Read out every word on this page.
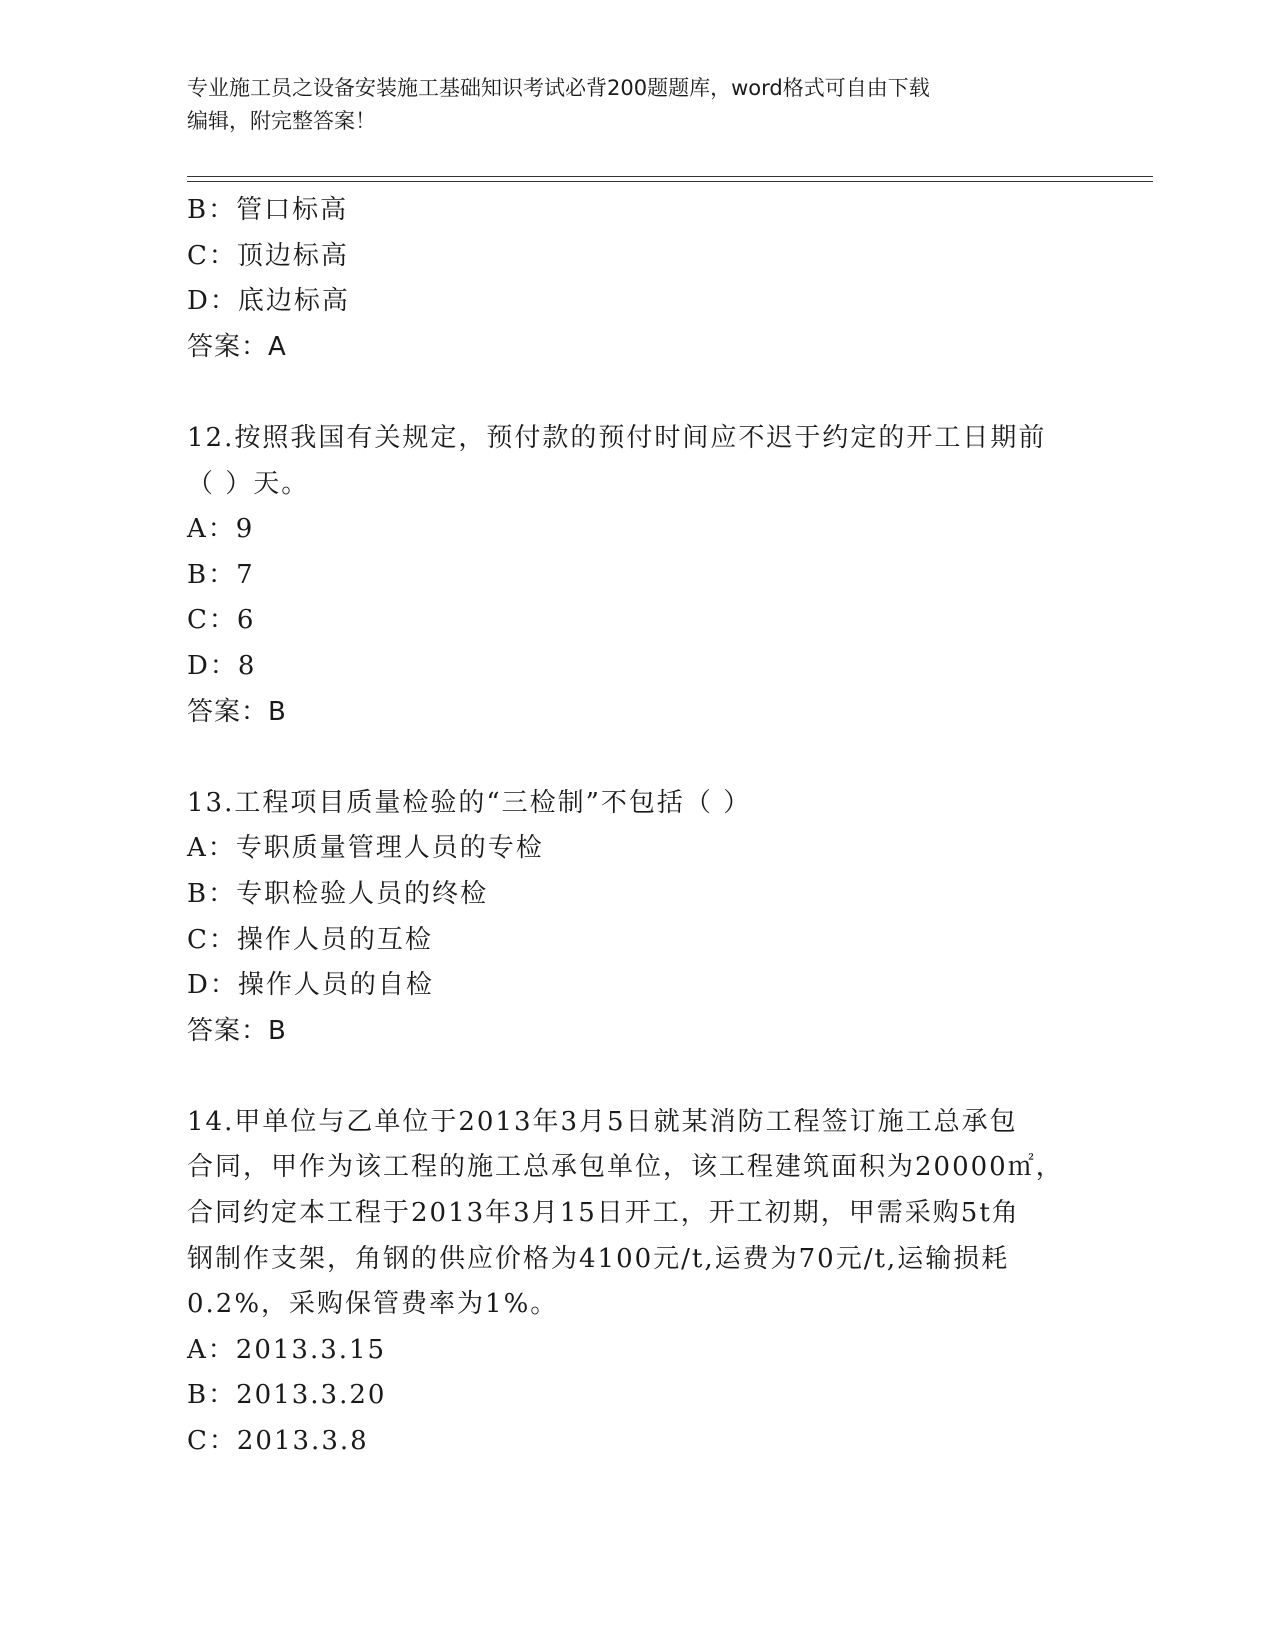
专业施工员之设备安装施工基础知识考试必背200题题库，word格式可自由下载
编辑，附完整答案！
B：管口标高
C：顶边标高
D：底边标高
答案：A
12.按照我国有关规定，预付款的预付时间应不迟于约定的开工日期前
（ ）天。
A：9
B：7
C：6
D：8
答案：B
13.工程项目质量检验的“三检制”不包括（ ）
A：专职质量管理人员的专检
B：专职检验人员的终检
C：操作人员的互检
D：操作人员的自检
答案：B
14.甲单位与乙单位于2013年3月5日就某消防工程签订施工总承包
合同，甲作为该工程的施工总承包单位，该工程建筑面积为20000㎡，
合同约定本工程于2013年3月15日开工，开工初期，甲需采购5t角
钢制作支架，角钢的供应价格为4100元/t,运费为70元/t,运输损耗
0.2%，采购保管费率为1%。
A：2013.3.15
B：2013.3.20
C：2013.3.8
